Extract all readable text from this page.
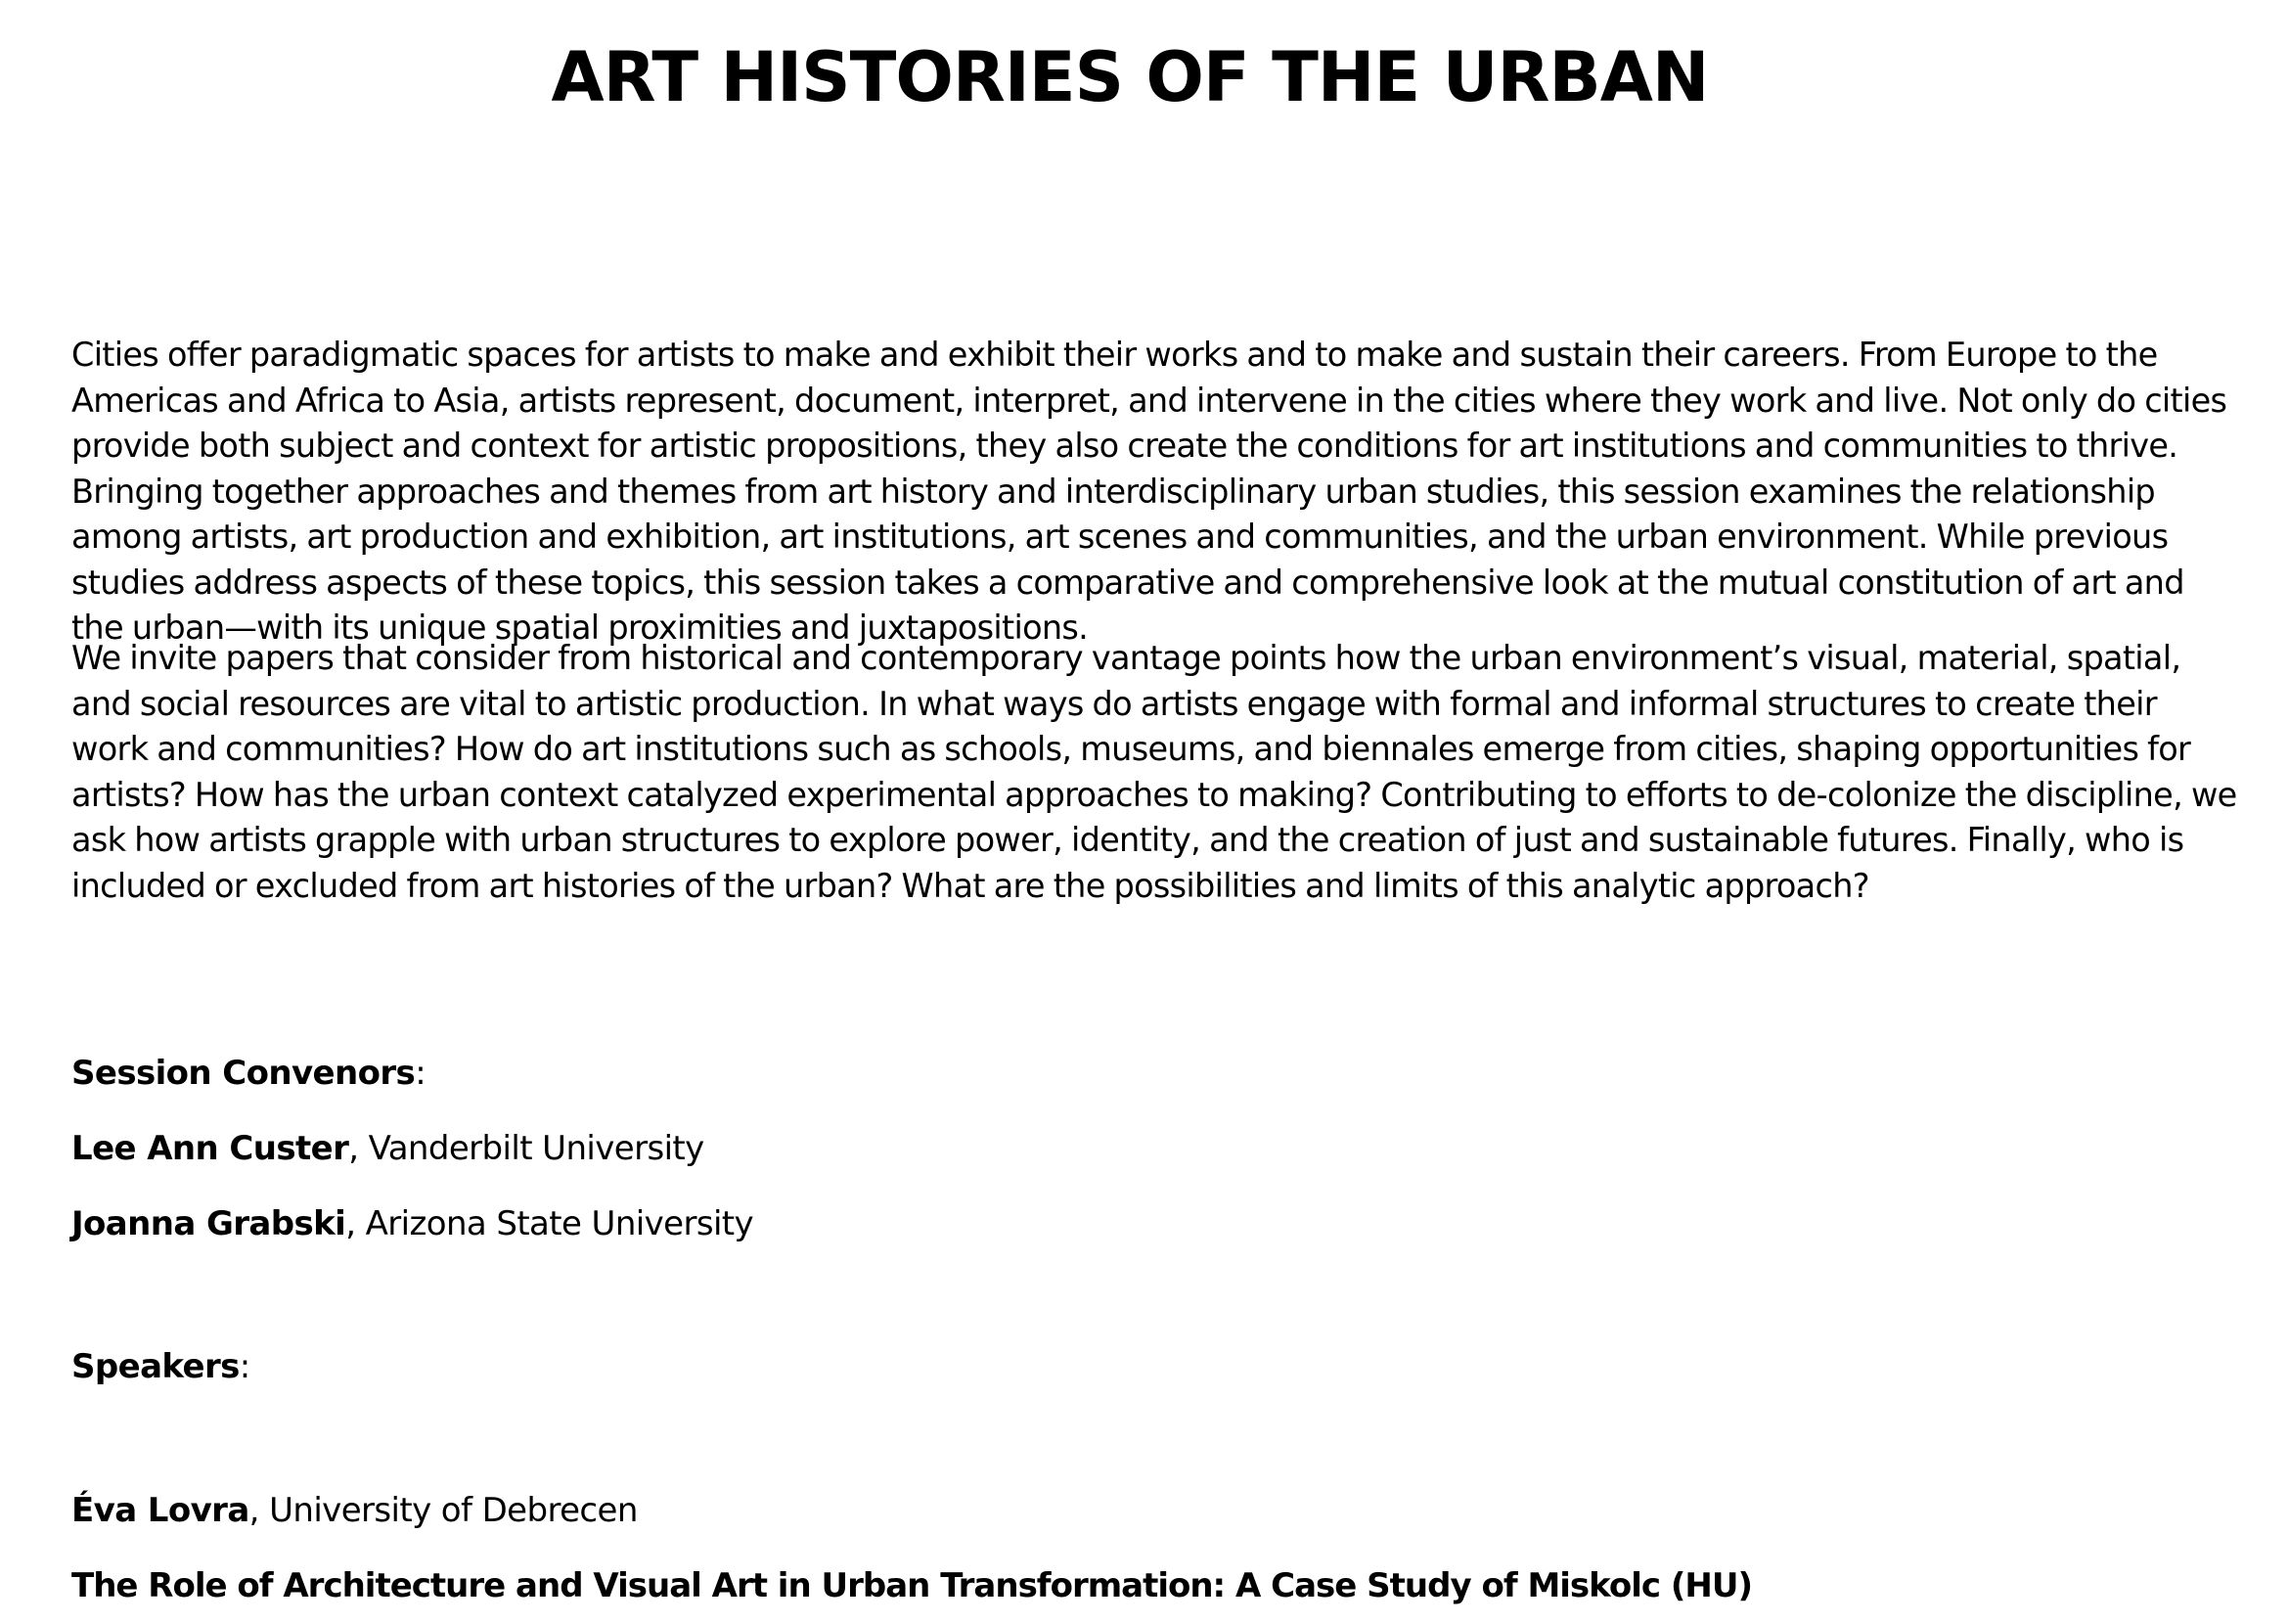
ART HISTORIES OF THE URBAN

Cities offer paradigmatic spaces for artists to make and exhibit their works and to make and sustain their careers. From Europe to the Americas and Africa to Asia, artists represent, document, interpret, and intervene in the cities where they work and live. Not only do cities provide both subject and context for artistic propositions, they also create the conditions for art institutions and communities to thrive. Bringing together approaches and themes from art history and interdisciplinary urban studies, this session examines the relationship among artists, art production and exhibition, art institutions, art scenes and communities, and the urban environment. While previous studies address aspects of these topics, this session takes a comparative and comprehensive look at the mutual constitution of art and the urban—with its unique spatial proximities and juxtapositions.

We invite papers that consider from historical and contemporary vantage points how the urban environment’s visual, material, spatial, and social resources are vital to artistic production. In what ways do artists engage with formal and informal structures to create their work and communities? How do art institutions such as schools, museums, and biennales emerge from cities, shaping opportunities for artists? How has the urban context catalyzed experimental approaches to making? Contributing to efforts to de-colonize the discipline, we ask how artists grapple with urban structures to explore power, identity, and the creation of just and sustainable futures. Finally, who is included or excluded from art histories of the urban? What are the possibilities and limits of this analytic approach?

Session Convenors:
Lee Ann Custer, Vanderbilt University
Joanna Grabski, Arizona State University
Speakers:
Éva Lovra, University of Debrecen
The Role of Architecture and Visual Art in Urban Transformation: A Case Study of Miskolc (HU)
